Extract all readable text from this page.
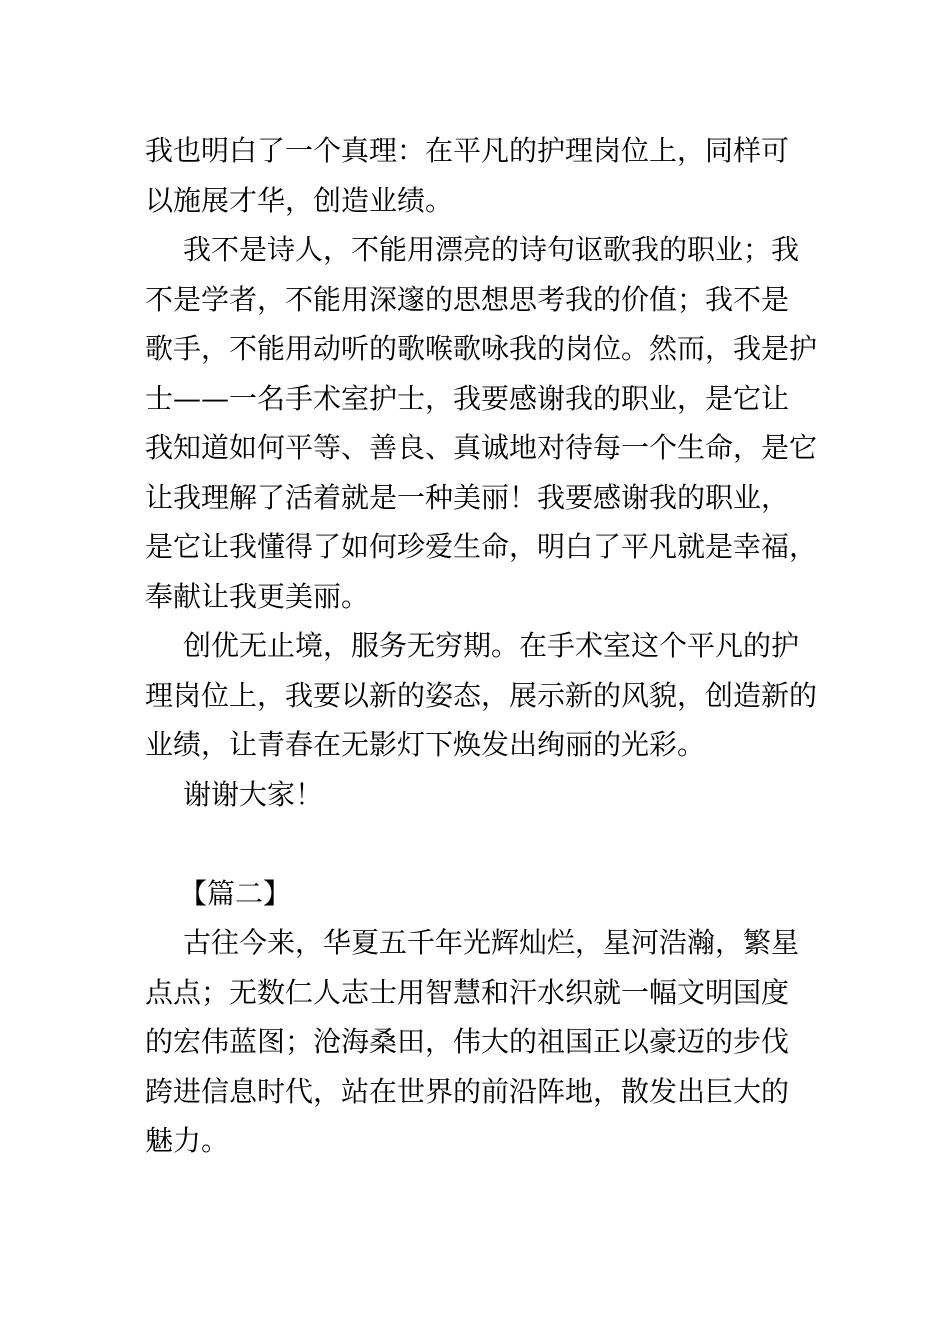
我也明白了一个真理：在平凡的护理岗位上，同样可
以施展才华，创造业绩。
我不是诗人，不能用漂亮的诗句讴歌我的职业；我
不是学者，不能用深邃的思想思考我的价值；我不是
歌手，不能用动听的歌喉歌咏我的岗位。然而，我是护
士——一名手术室护士，我要感谢我的职业，是它让
我知道如何平等、善良、真诚地对待每一个生命，是它
让我理解了活着就是一种美丽！我要感谢我的职业，
是它让我懂得了如何珍爱生命，明白了平凡就是幸福，
奉献让我更美丽。
创优无止境，服务无穷期。在手术室这个平凡的护
理岗位上，我要以新的姿态，展示新的风貌，创造新的
业绩，让青春在无影灯下焕发出绚丽的光彩。
谢谢大家！
【篇二】
古往今来，华夏五千年光辉灿烂，星河浩瀚，繁星
点点；无数仁人志士用智慧和汗水织就一幅文明国度
的宏伟蓝图；沧海桑田，伟大的祖国正以豪迈的步伐
跨进信息时代，站在世界的前沿阵地，散发出巨大的
魅力。
